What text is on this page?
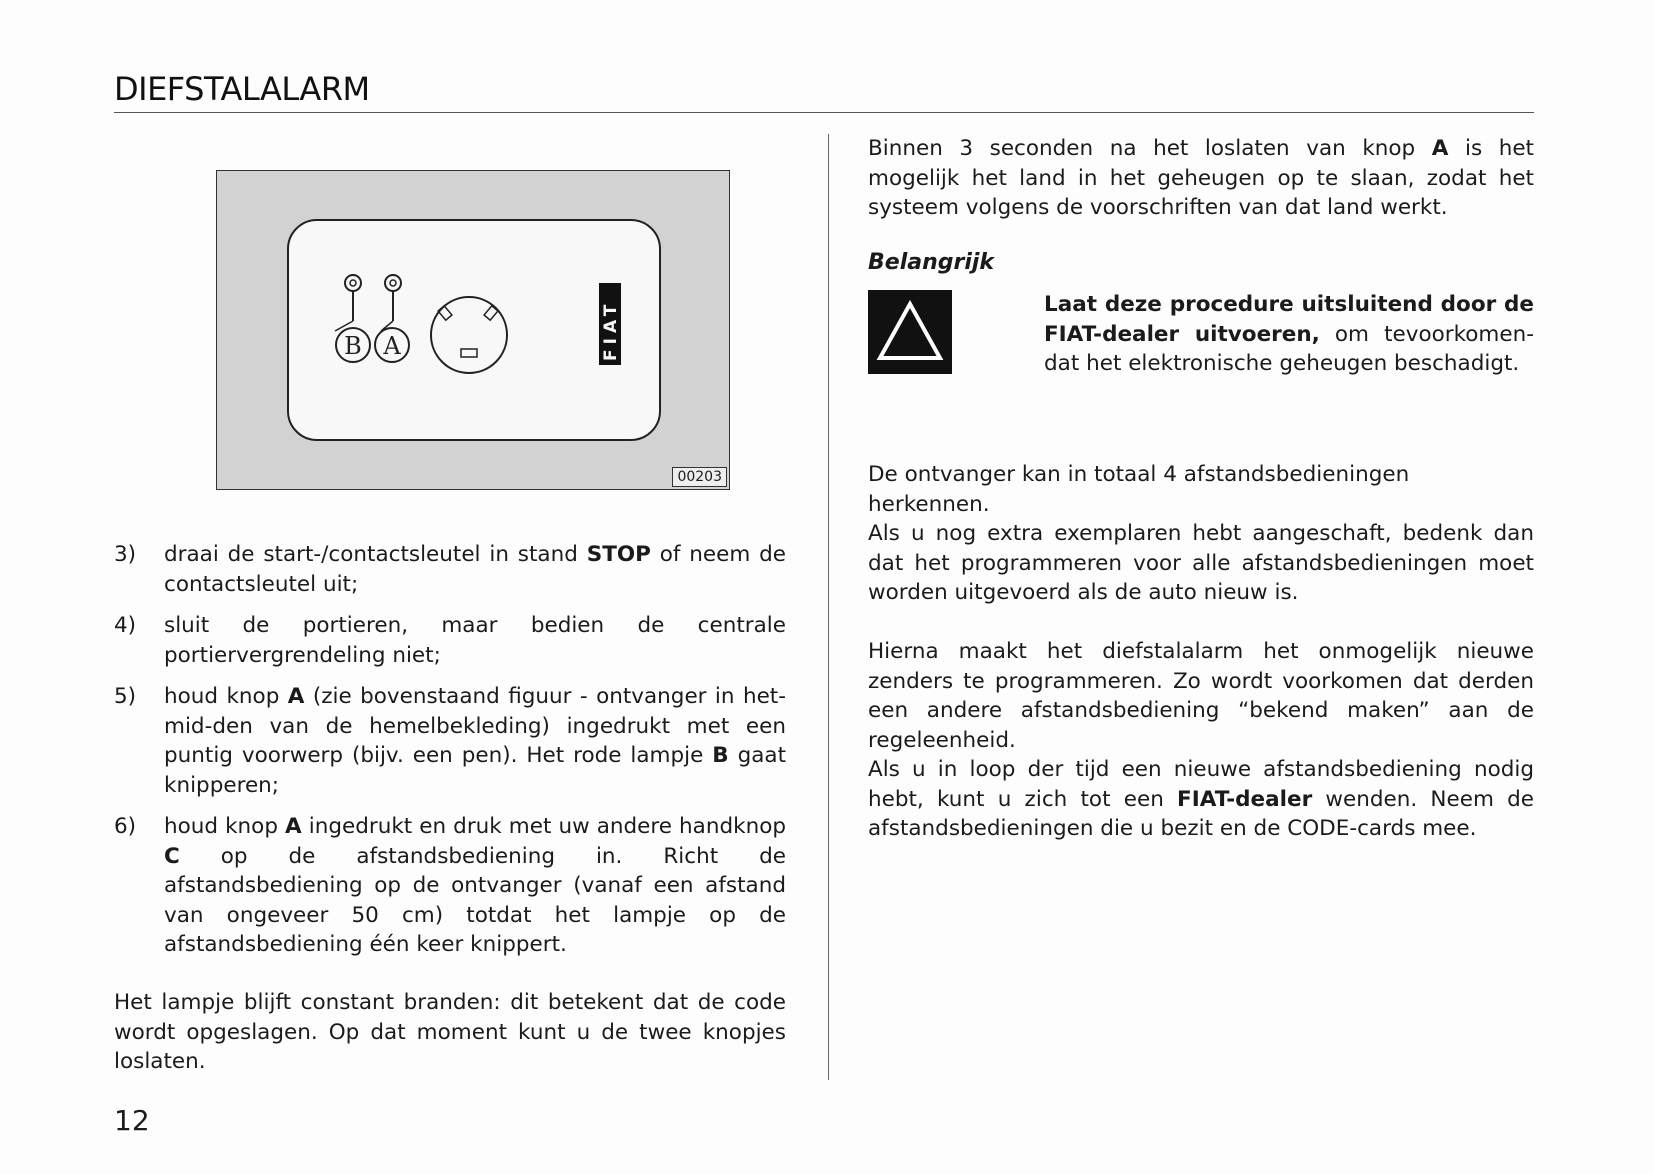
DIEFSTALALARM
B A	FIAT
00203
3) draai de start-/contactsleutel in stand STOP of neem de contactsleutel uit;
4) sluit de portieren, maar bedien de centrale portiervergrendeling niet;
5) houd knop A (zie bovenstaand figuur - ontvanger in het-mid-den van de hemelbekleding) ingedrukt met een puntig voorwerp (bijv. een pen). Het rode lampje B gaat knipperen;
6) houd knop A ingedrukt en druk met uw andere handknop C op de afstandsbediening in. Richt de afstandsbediening op de ontvanger (vanaf een afstand van ongeveer 50 cm) totdat het lampje op de afstandsbediening één keer knippert.

Het lampje blijft constant branden: dit betekent dat de code wordt opgeslagen. Op dat moment kunt u de twee knopjes loslaten.

12

Binnen 3 seconden na het loslaten van knop A is het mogelijk het land in het geheugen op te slaan, zodat het systeem volgens de voorschriften van dat land werkt.

Belangrijk

Laat deze procedure uitsluitend door de FIAT-dealer uitvoeren, om tevoorkomen-dat het elektronische geheugen beschadigt.

De ontvanger kan in totaal 4 afstandsbedieningen herkennen.

Als u nog extra exemplaren hebt aangeschaft, bedenk dan dat het programmeren voor alle afstandsbedieningen moet worden uitgevoerd als de auto nieuw is.

Hierna maakt het diefstalalarm het onmogelijk nieuwe zenders te programmeren. Zo wordt voorkomen dat derden een andere afstandsbediening “bekend maken” aan de regeleenheid.

Als u in loop der tijd een nieuwe afstandsbediening nodig hebt, kunt u zich tot een FIAT-dealer wenden. Neem de afstandsbedieningen die u bezit en de CODE-cards mee.
